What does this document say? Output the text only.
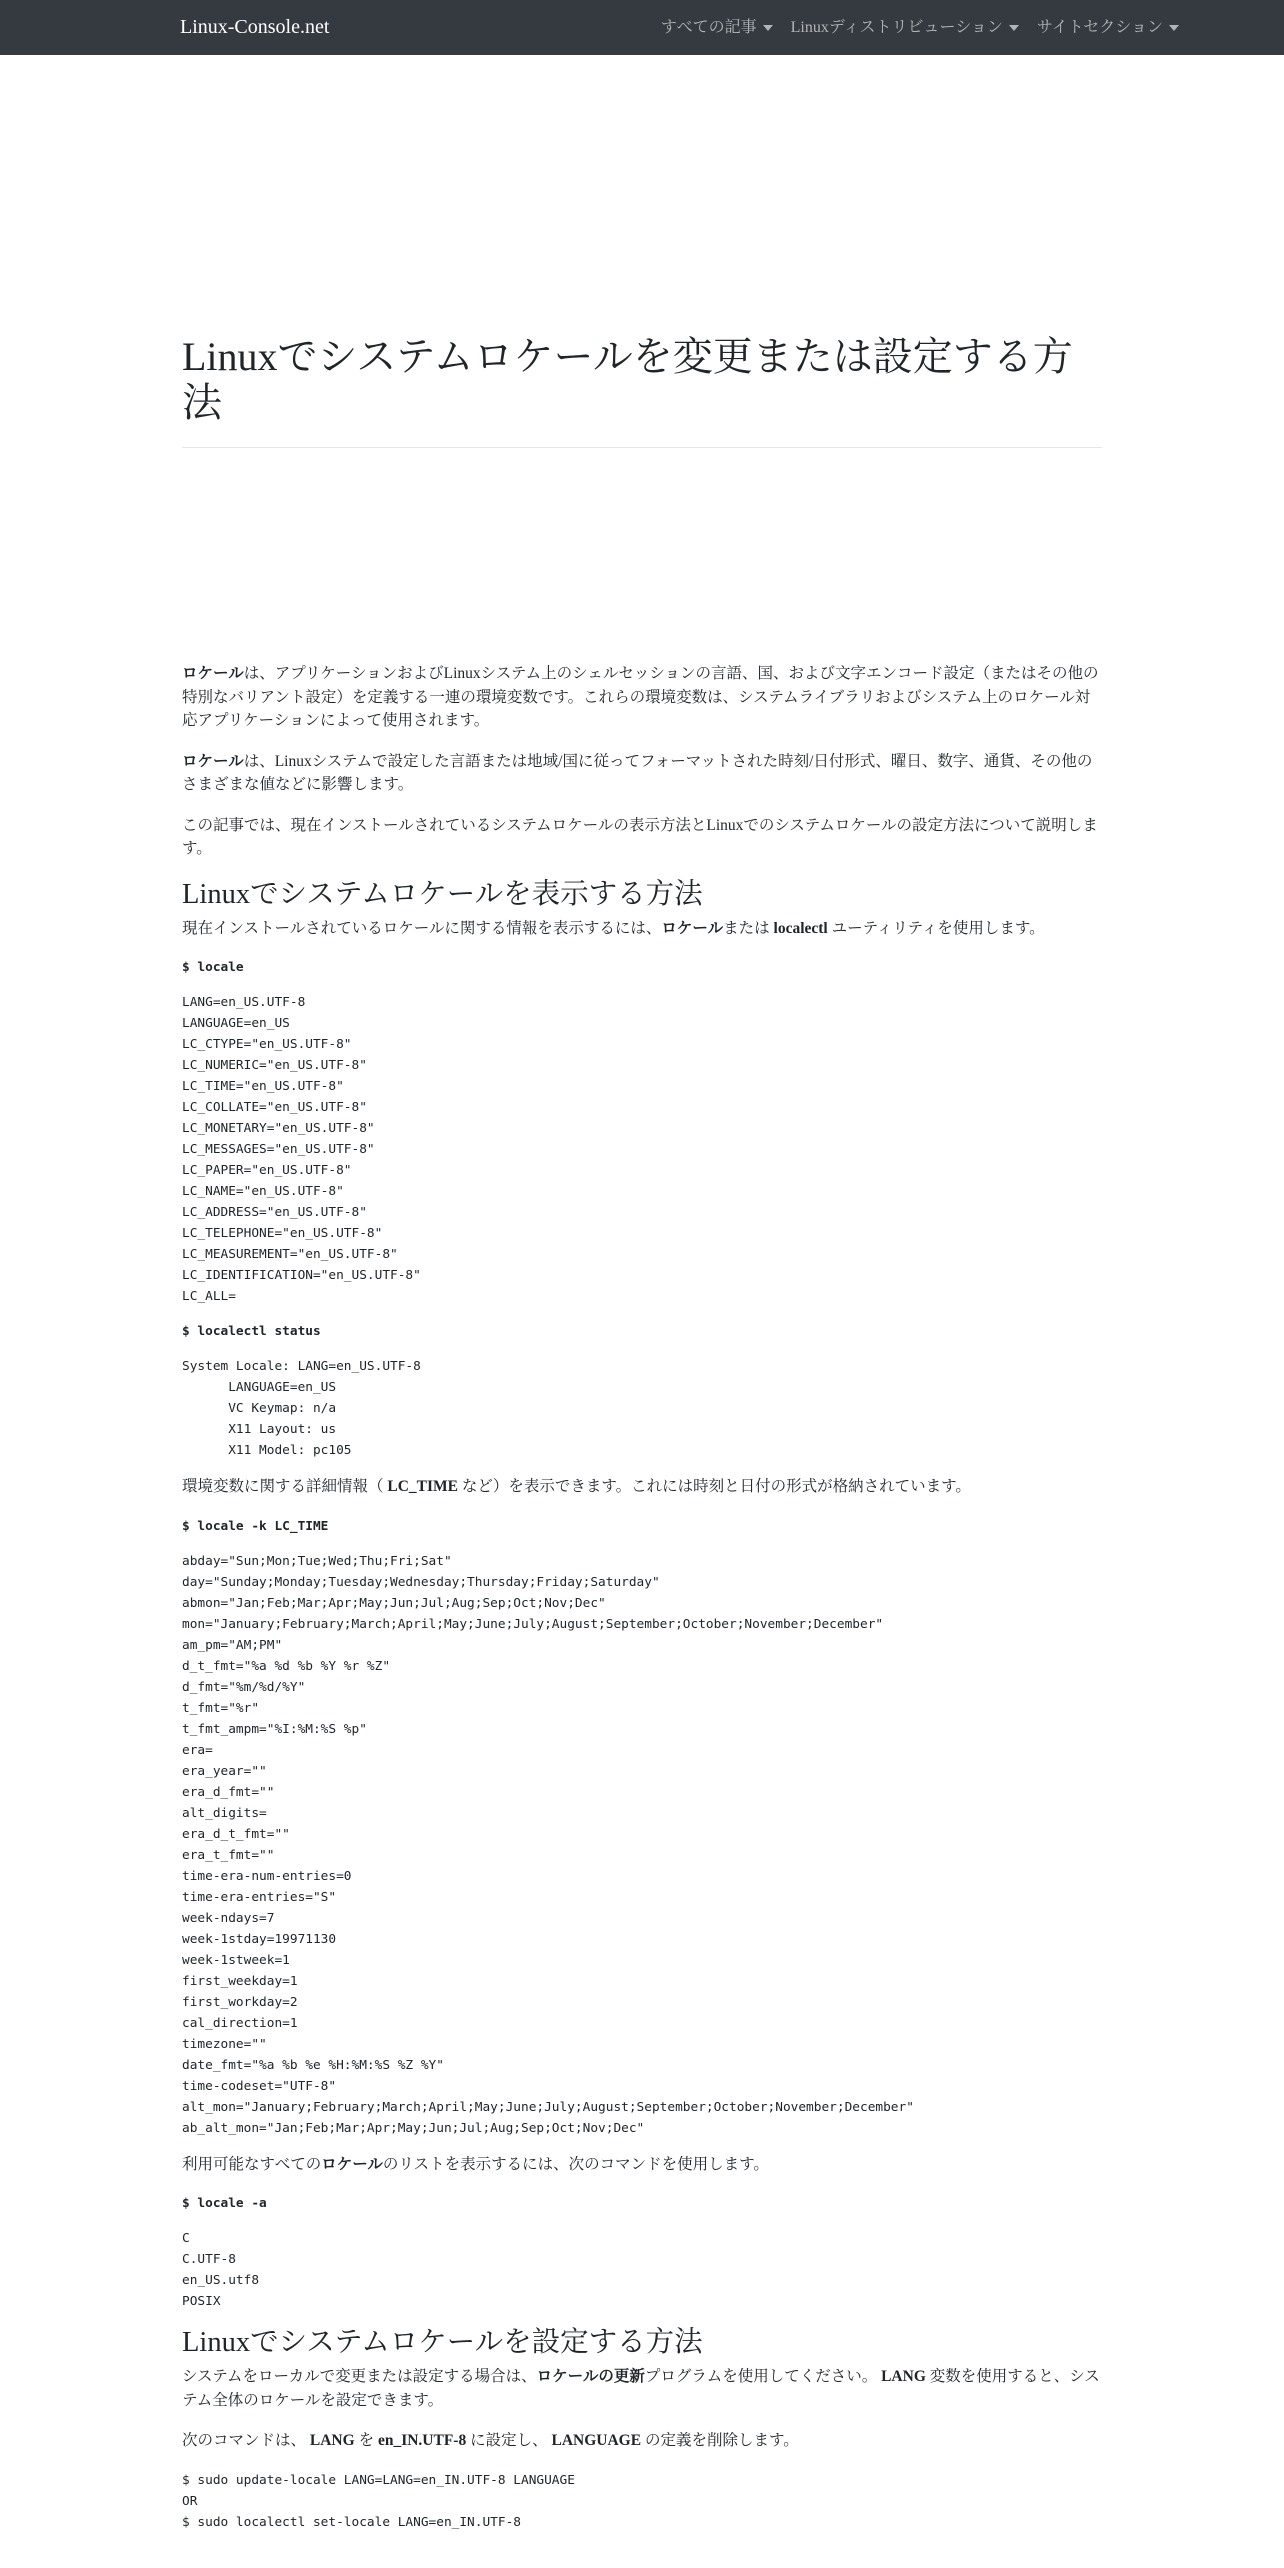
Linux-Console.net	すべての記事	Linuxディストリビューション	サイトセクション
Linuxでシステムロケールを変更または設定する方法

ロケールは、アプリケーションおよびLinuxシステム上のシェルセッションの言語、国、および文字エンコード設定（またはその他の特別なバリアント設定）を定義する一連の環境変数です。これらの環境変数は、システムライブラリおよびシステム上のロケール対応アプリケーションによって使用されます。

ロケールは、Linuxシステムで設定した言語または地域/国に従ってフォーマットされた時刻/日付形式、曜日、数字、通貨、その他のさまざまな値などに影響します。

この記事では、現在インストールされているシステムロケールの表示方法とLinuxでのシステムロケールの設定方法について説明します。

Linuxでシステムロケールを表示する方法

現在インストールされているロケールに関する情報を表示するには、ロケールまたは localectl ユーティリティを使用します。

$ locale
LANG=en_US.UTF-8
LANGUAGE=en_US
LC_CTYPE="en_US.UTF-8"
LC_NUMERIC="en_US.UTF-8"
LC_TIME="en_US.UTF-8"
LC_COLLATE="en_US.UTF-8"
LC_MONETARY="en_US.UTF-8"
LC_MESSAGES="en_US.UTF-8"
LC_PAPER="en_US.UTF-8"
LC_NAME="en_US.UTF-8"
LC_ADDRESS="en_US.UTF-8"
LC_TELEPHONE="en_US.UTF-8"
LC_MEASUREMENT="en_US.UTF-8"
LC_IDENTIFICATION="en_US.UTF-8"
LC_ALL=
$ localectl status
System Locale: LANG=en_US.UTF-8
LANGUAGE=en_US
VC Keymap: n/a
X11 Layout: us
X11 Model: pc105

環境変数に関する詳細情報（ LC_TIME など）を表示できます。これには時刻と日付の形式が格納されています。

$ locale -k LC_TIME
abday="Sun;Mon;Tue;Wed;Thu;Fri;Sat"
day="Sunday;Monday;Tuesday;Wednesday;Thursday;Friday;Saturday"
abmon="Jan;Feb;Mar;Apr;May;Jun;Jul;Aug;Sep;Oct;Nov;Dec"
mon="January;February;March;April;May;June;July;August;September;October;November;December"
am_pm="AM;PM"
d_t_fmt="%a %d %b %Y %r %Z"
d_fmt="%m/%d/%Y"
t_fmt="%r"
t_fmt_ampm="%I:%M:%S %p"
era=
era_year=""
era_d_fmt=""
alt_digits=
era_d_t_fmt=""
era_t_fmt=""
time-era-num-entries=0
time-era-entries="S"
week-ndays=7
week-1stday=19971130
week-1stweek=1
first_weekday=1
first_workday=2
cal_direction=1
timezone=""
date_fmt="%a %b %e %H:%M:%S %Z %Y"
time-codeset="UTF-8"
alt_mon="January;February;March;April;May;June;July;August;September;October;November;December"
ab_alt_mon="Jan;Feb;Mar;Apr;May;Jun;Jul;Aug;Sep;Oct;Nov;Dec"

利用可能なすべてのロケールのリストを表示するには、次のコマンドを使用します。

$ locale -a
C
C.UTF-8
en_US.utf8
POSIX
Linuxでシステムロケールを設定する方法

システムをローカルで変更または設定する場合は、ロケールの更新プログラムを使用してください。 LANG 変数を使用すると、システム全体のロケールを設定できます。

次のコマンドは、 LANG を en_IN.UTF-8 に設定し、 LANGUAGE の定義を削除します。

$ sudo update-locale LANG=LANG=en_IN.UTF-8 LANGUAGE
OR
$ sudo localectl set-locale LANG=en_IN.UTF-8
